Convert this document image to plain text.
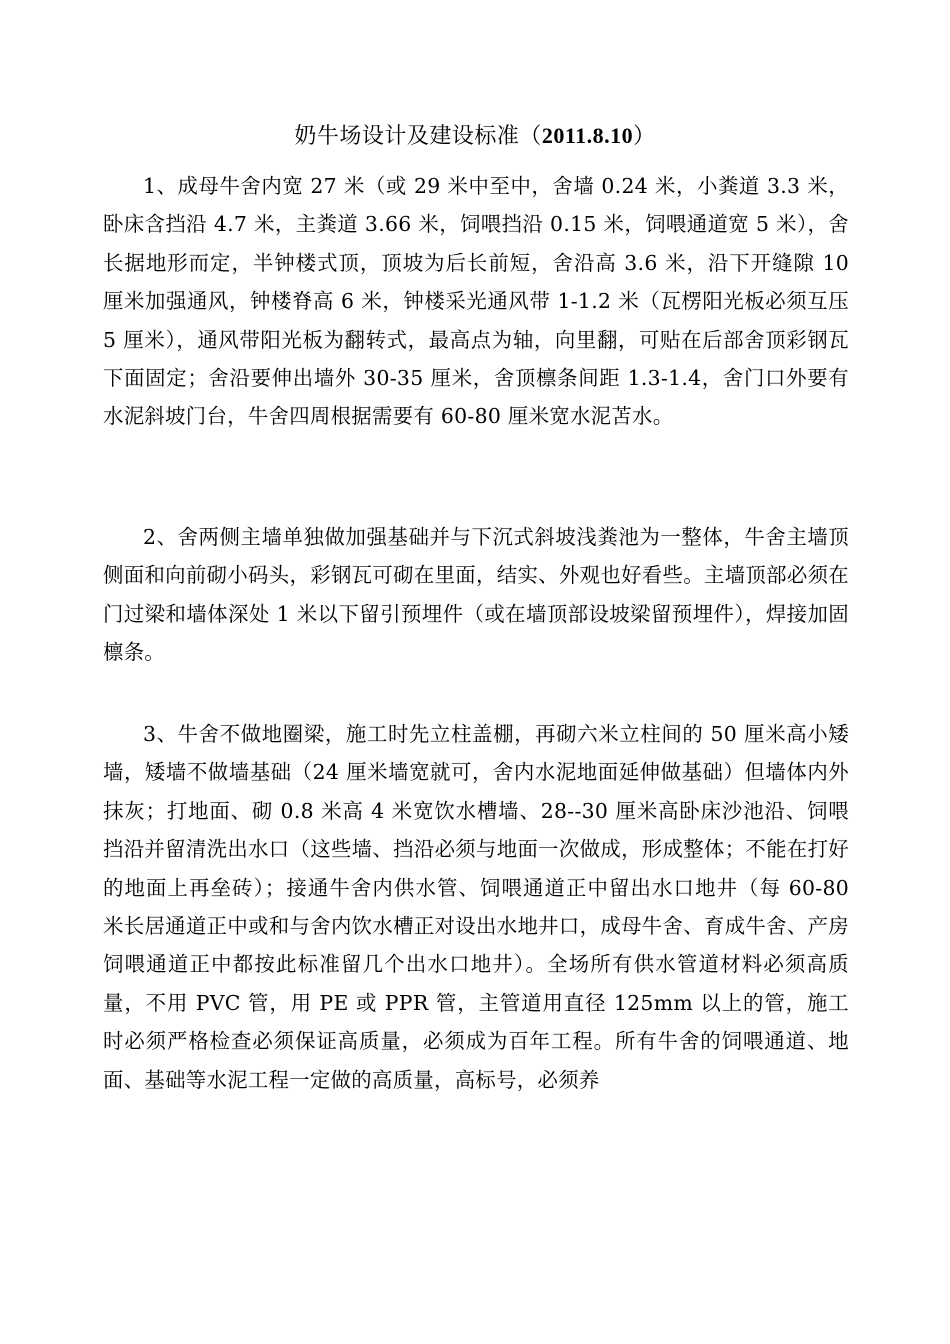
奶牛场设计及建设标准（2011.8.10）

1、成母牛舍内宽 27 米（或 29 米中至中，舍墙 0.24 米，小粪道 3.3 米，卧床含挡沿 4.7 米，主粪道 3.66 米，饲喂挡沿 0.15 米，饲喂通道宽 5 米），舍长据地形而定，半钟楼式顶，顶坡为后长前短，舍沿高 3.6 米，沿下开缝隙 10 厘米加强通风，钟楼脊高 6 米，钟楼采光通风带 1-1.2 米（瓦楞阳光板必须互压 5 厘米），通风带阳光板为翻转式，最高点为轴，向里翻，可贴在后部舍顶彩钢瓦下面固定；舍沿要伸出墙外 30-35 厘米，舍顶檩条间距 1.3-1.4，舍门口外要有水泥斜坡门台，牛舍四周根据需要有 60-80 厘米宽水泥苫水。

2、舍两侧主墙单独做加强基础并与下沉式斜坡浅粪池为一整体，牛舍主墙顶侧面和向前砌小码头，彩钢瓦可砌在里面，结实、外观也好看些。主墙顶部必须在门过梁和墙体深处 1 米以下留引预埋件（或在墙顶部设坡梁留预埋件），焊接加固檩条。

3、牛舍不做地圈梁，施工时先立柱盖棚，再砌六米立柱间的 50 厘米高小矮墙，矮墙不做墙基础（24 厘米墙宽就可，舍内水泥地面延伸做基础）但墙体内外抹灰；打地面、砌 0.8 米高 4 米宽饮水槽墙、28--30 厘米高卧床沙池沿、饲喂挡沿并留清洗出水口（这些墙、挡沿必须与地面一次做成，形成整体；不能在打好的地面上再垒砖）；接通牛舍内供水管、饲喂通道正中留出水口地井（每 60-80 米长居通道正中或和与舍内饮水槽正对设出水地井口，成母牛舍、育成牛舍、产房饲喂通道正中都按此标准留几个出水口地井）。全场所有供水管道材料必须高质量，不用 PVC 管，用 PE 或 PPR 管，主管道用直径 125mm 以上的管，施工时必须严格检查必须保证高质量，必须成为百年工程。所有牛舍的饲喂通道、地面、基础等水泥工程一定做的高质量，高标号，必须养
